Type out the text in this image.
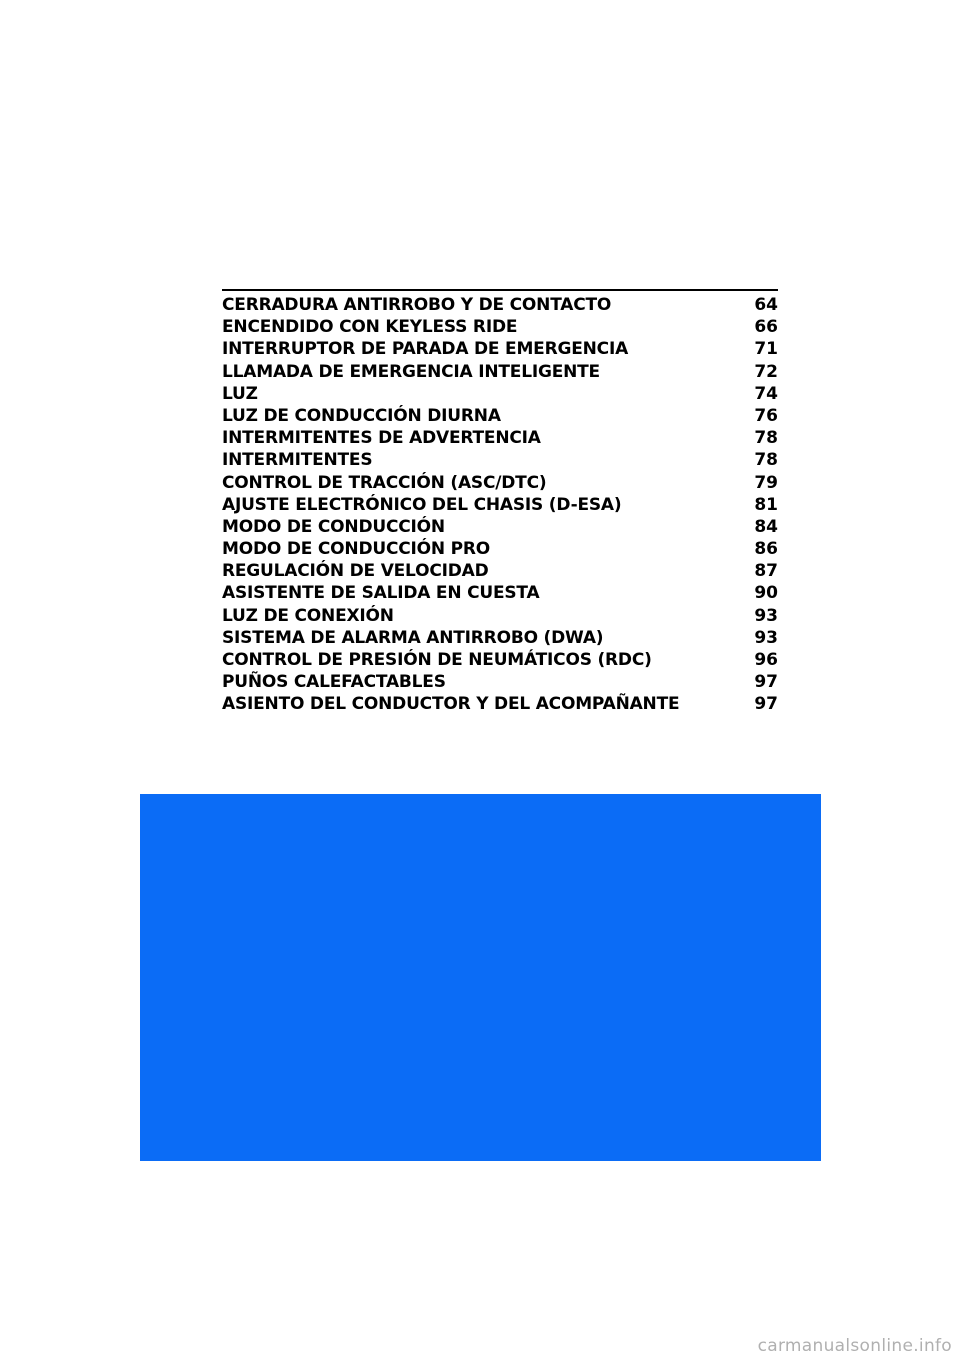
CERRADURA ANTIRROBO Y DE CONTACTO	64
ENCENDIDO CON KEYLESS RIDE	66
INTERRUPTOR DE PARADA DE EMERGENCIA	71
LLAMADA DE EMERGENCIA INTELIGENTE	72
LUZ	74
LUZ DE CONDUCCIÓN DIURNA	76
INTERMITENTES DE ADVERTENCIA	78
INTERMITENTES	78
CONTROL DE TRACCIÓN (ASC/DTC)	79
AJUSTE ELECTRÓNICO DEL CHASIS (D-ESA)	81
MODO DE CONDUCCIÓN	84
MODO DE CONDUCCIÓN PRO	86
REGULACIÓN DE VELOCIDAD	87
ASISTENTE DE SALIDA EN CUESTA	90
LUZ DE CONEXIÓN	93
SISTEMA DE ALARMA ANTIRROBO (DWA)	93
CONTROL DE PRESIÓN DE NEUMÁTICOS (RDC)	96
PUÑOS CALEFACTABLES	97
ASIENTO DEL CONDUCTOR Y DEL ACOMPAÑANTE	97
carmanualsonline.info
